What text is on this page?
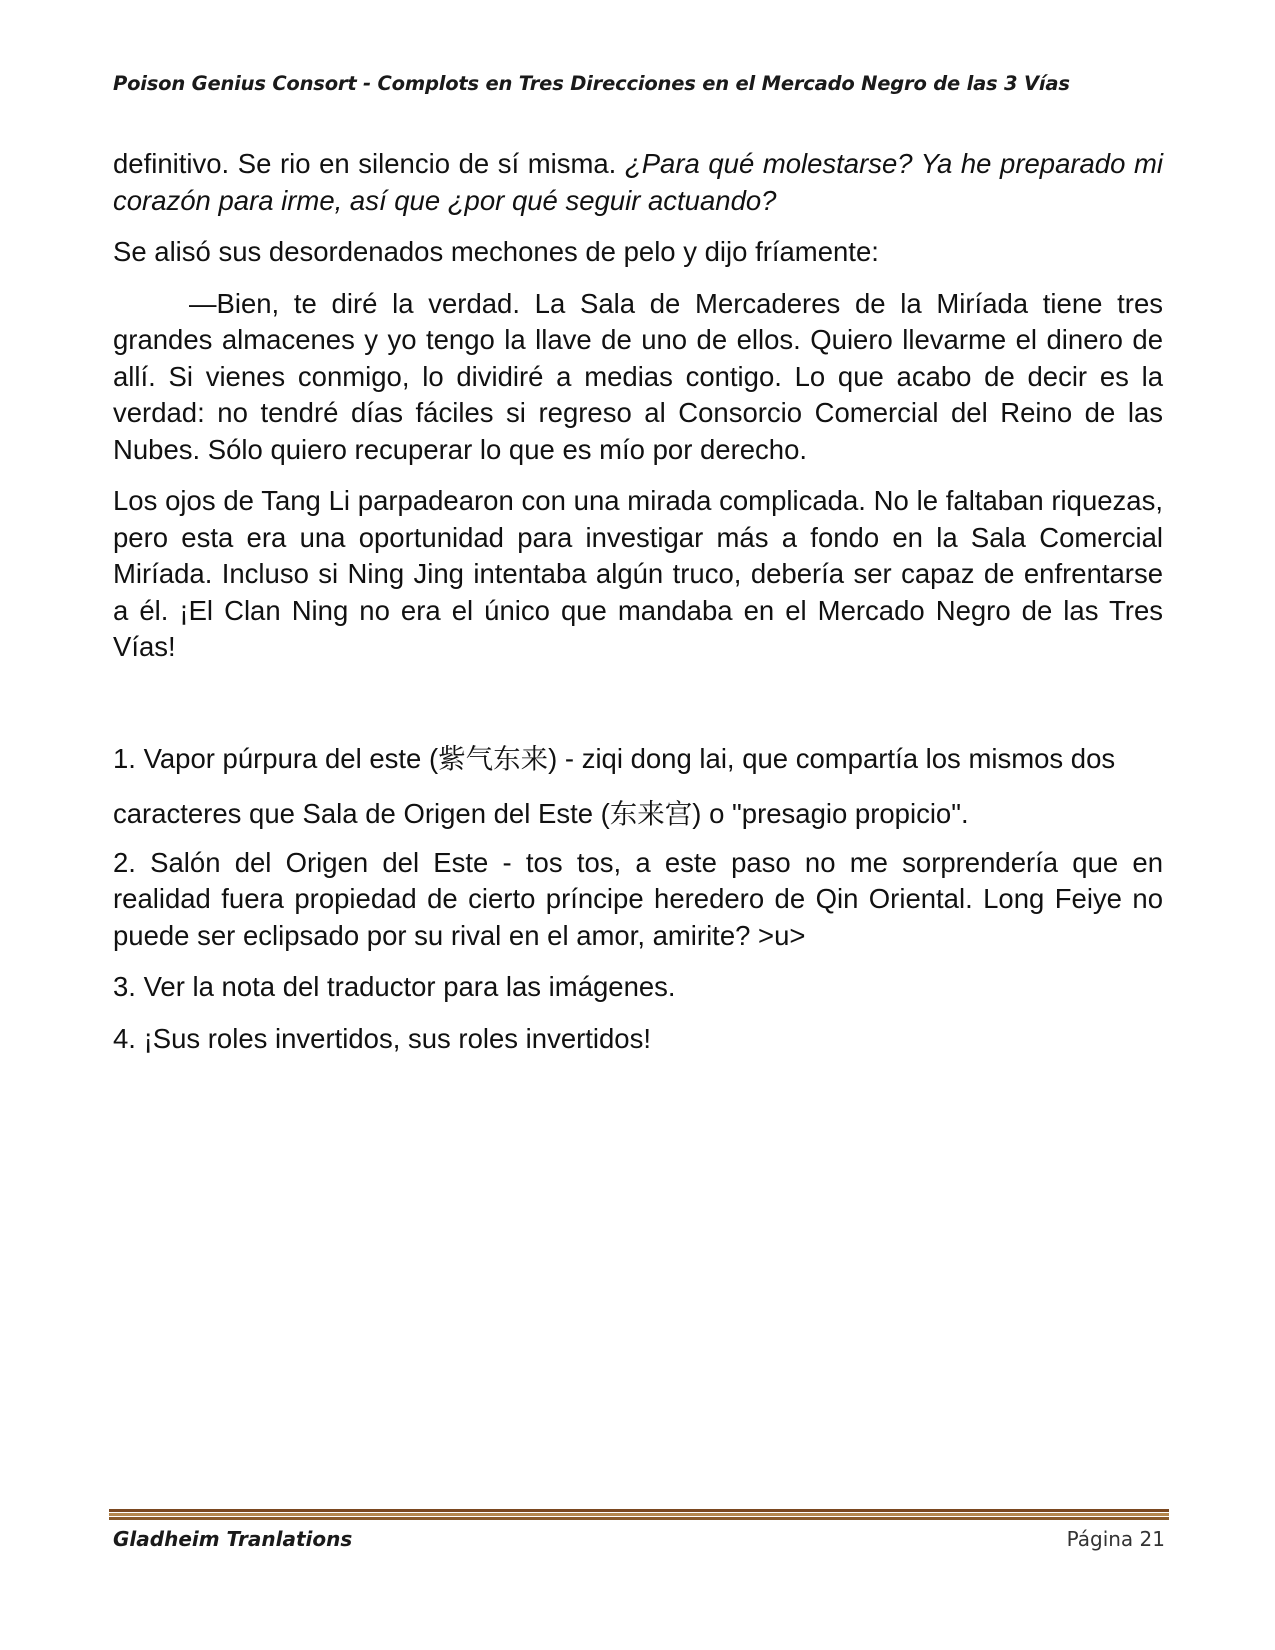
Poison Genius Consort - Complots en Tres Direcciones en el Mercado Negro de las 3 Vías

definitivo. Se rio en silencio de sí misma. ¿Para qué molestarse? Ya he preparado mi corazón para irme, así que ¿por qué seguir actuando?

Se alisó sus desordenados mechones de pelo y dijo fríamente:

—Bien, te diré la verdad. La Sala de Mercaderes de la Miríada tiene tres grandes almacenes y yo tengo la llave de uno de ellos. Quiero llevarme el dinero de allí. Si vienes conmigo, lo dividiré a medias contigo. Lo que acabo de decir es la verdad: no tendré días fáciles si regreso al Consorcio Comercial del Reino de las Nubes. Sólo quiero recuperar lo que es mío por derecho.

Los ojos de Tang Li parpadearon con una mirada complicada. No le faltaban riquezas, pero esta era una oportunidad para investigar más a fondo en la Sala Comercial Miríada. Incluso si Ning Jing intentaba algún truco, debería ser capaz de enfrentarse a él. ¡El Clan Ning no era el único que mandaba en el Mercado Negro de las Tres Vías!

1. Vapor púrpura del este (紫气东来) - ziqi dong lai, que compartía los mismos dos caracteres que Sala de Origen del Este (东来宫) o "presagio propicio".

2. Salón del Origen del Este - tos tos, a este paso no me sorprendería que en realidad fuera propiedad de cierto príncipe heredero de Qin Oriental. Long Feiye no puede ser eclipsado por su rival en el amor, amirite? >u>

3. Ver la nota del traductor para las imágenes.

4. ¡Sus roles invertidos, sus roles invertidos!

Gladheim Tranlations	Página 21
